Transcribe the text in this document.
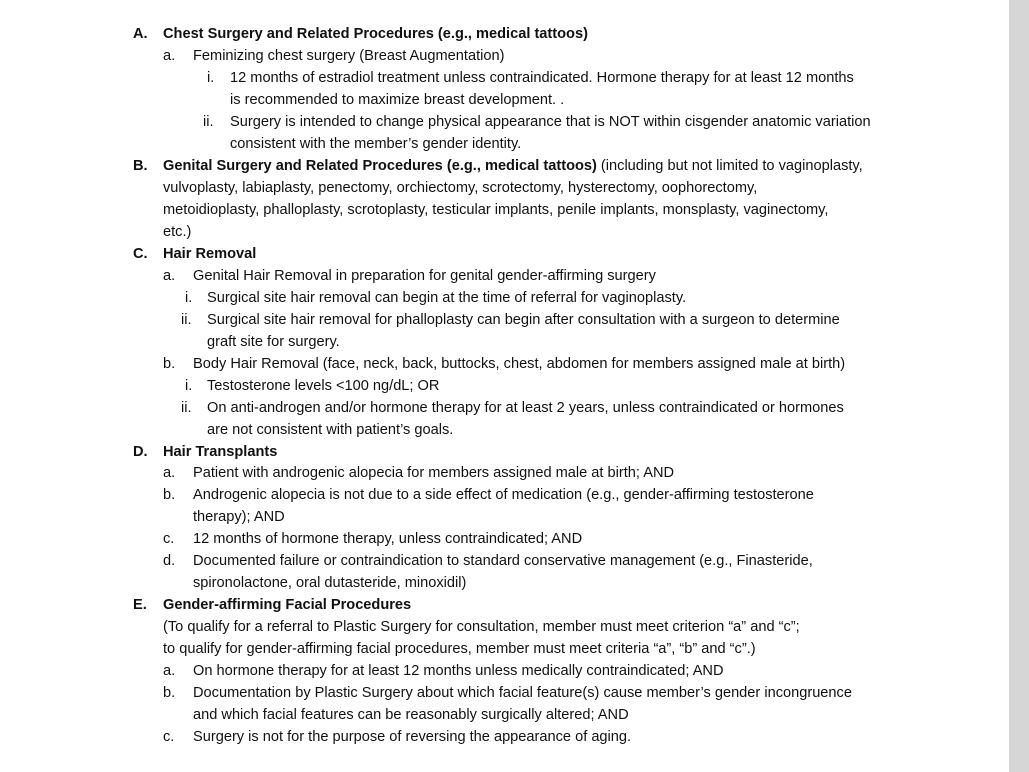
A. Chest Surgery and Related Procedures (e.g., medical tattoos)
a. Feminizing chest surgery (Breast Augmentation)
i. 12 months of estradiol treatment unless contraindicated. Hormone therapy for at least 12 months
is recommended to maximize breast development. .
ii. Surgery is intended to change physical appearance that is NOT within cisgender anatomic variation
consistent with the member’s gender identity.
B. Genital Surgery and Related Procedures (e.g., medical tattoos) (including but not limited to vaginoplasty,
vulvoplasty, labiaplasty, penectomy, orchiectomy, scrotectomy, hysterectomy, oophorectomy,
metoidioplasty, phalloplasty, scrotoplasty, testicular implants, penile implants, monsplasty, vaginectomy,
etc.)
C. Hair Removal
a. Genital Hair Removal in preparation for genital gender-affirming surgery
i. Surgical site hair removal can begin at the time of referral for vaginoplasty.
ii. Surgical site hair removal for phalloplasty can begin after consultation with a surgeon to determine
graft site for surgery.
b. Body Hair Removal (face, neck, back, buttocks, chest, abdomen for members assigned male at birth)
i. Testosterone levels <100 ng/dL; OR
ii. On anti-androgen and/or hormone therapy for at least 2 years, unless contraindicated or hormones
are not consistent with patient’s goals.
D. Hair Transplants
a. Patient with androgenic alopecia for members assigned male at birth; AND
b. Androgenic alopecia is not due to a side effect of medication (e.g., gender-affirming testosterone
therapy); AND
c. 12 months of hormone therapy, unless contraindicated; AND
d. Documented failure or contraindication to standard conservative management (e.g., Finasteride,
spironolactone, oral dutasteride, minoxidil)
E. Gender-affirming Facial Procedures
(To qualify for a referral to Plastic Surgery for consultation, member must meet criterion “a” and “c”;
to qualify for gender-affirming facial procedures, member must meet criteria “a”, “b” and “c”.)
a. On hormone therapy for at least 12 months unless medically contraindicated; AND
b. Documentation by Plastic Surgery about which facial feature(s) cause member’s gender incongruence
and which facial features can be reasonably surgically altered; AND
c. Surgery is not for the purpose of reversing the appearance of aging.
